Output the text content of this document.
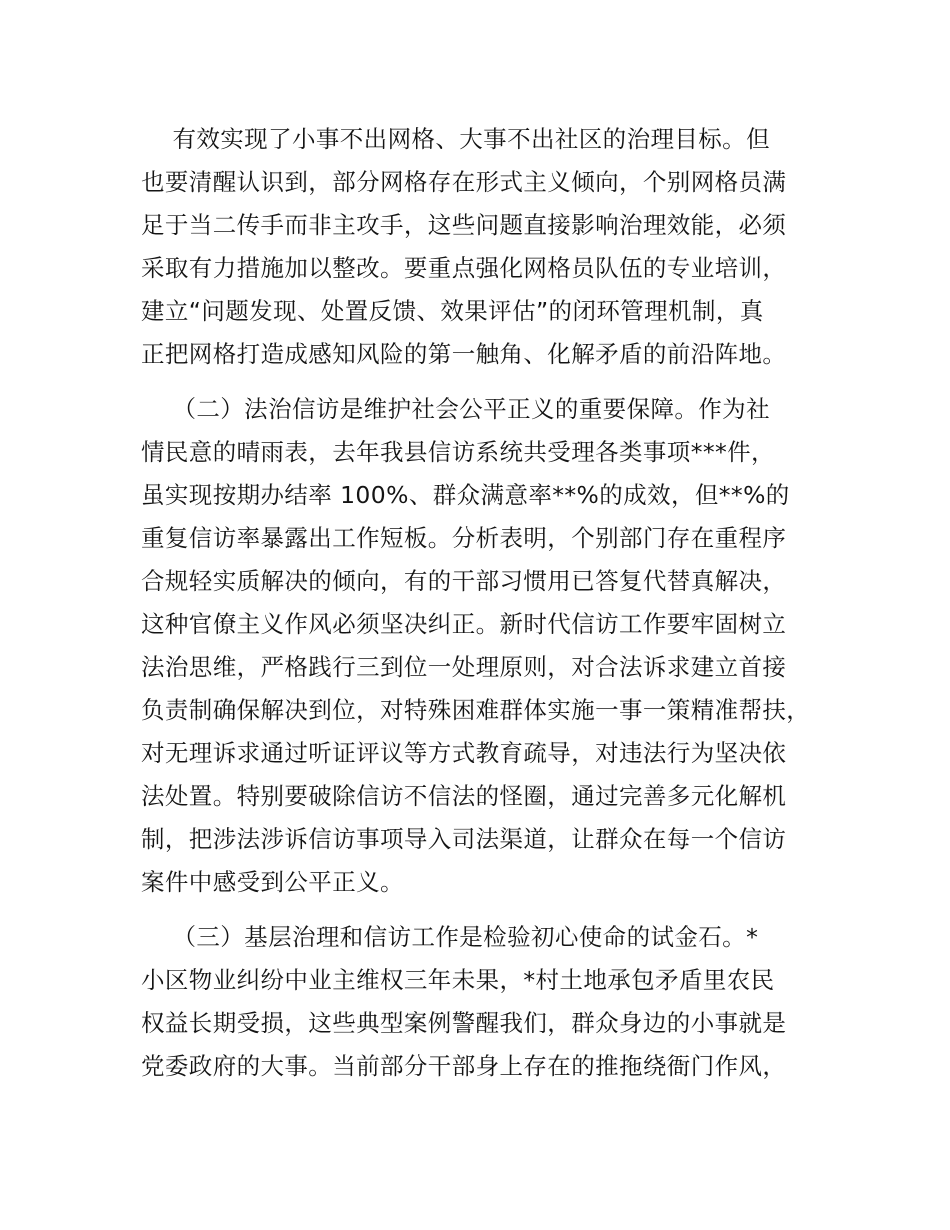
有效实现了小事不出网格、大事不出社区的治理目标。但
也要清醒认识到，部分网格存在形式主义倾向，个别网格员满
足于当二传手而非主攻手，这些问题直接影响治理效能，必须
采取有力措施加以整改。要重点强化网格员队伍的专业培训，
建立“问题发现、处置反馈、效果评估”的闭环管理机制，真
正把网格打造成感知风险的第一触角、化解矛盾的前沿阵地。
（二）法治信访是维护社会公平正义的重要保障。作为社
情民意的晴雨表，去年我县信访系统共受理各类事项***件，
虽实现按期办结率 100%、群众满意率**%的成效，但**%的
重复信访率暴露出工作短板。分析表明，个别部门存在重程序
合规轻实质解决的倾向，有的干部习惯用已答复代替真解决，
这种官僚主义作风必须坚决纠正。新时代信访工作要牢固树立
法治思维，严格践行三到位一处理原则，对合法诉求建立首接
负责制确保解决到位，对特殊困难群体实施一事一策精准帮扶，
对无理诉求通过听证评议等方式教育疏导，对违法行为坚决依
法处置。特别要破除信访不信法的怪圈，通过完善多元化解机
制，把涉法涉诉信访事项导入司法渠道，让群众在每一个信访
案件中感受到公平正义。
（三）基层治理和信访工作是检验初心使命的试金石。*
小区物业纠纷中业主维权三年未果，*村土地承包矛盾里农民
权益长期受损，这些典型案例警醒我们，群众身边的小事就是
党委政府的大事。当前部分干部身上存在的推拖绕衙门作风，
